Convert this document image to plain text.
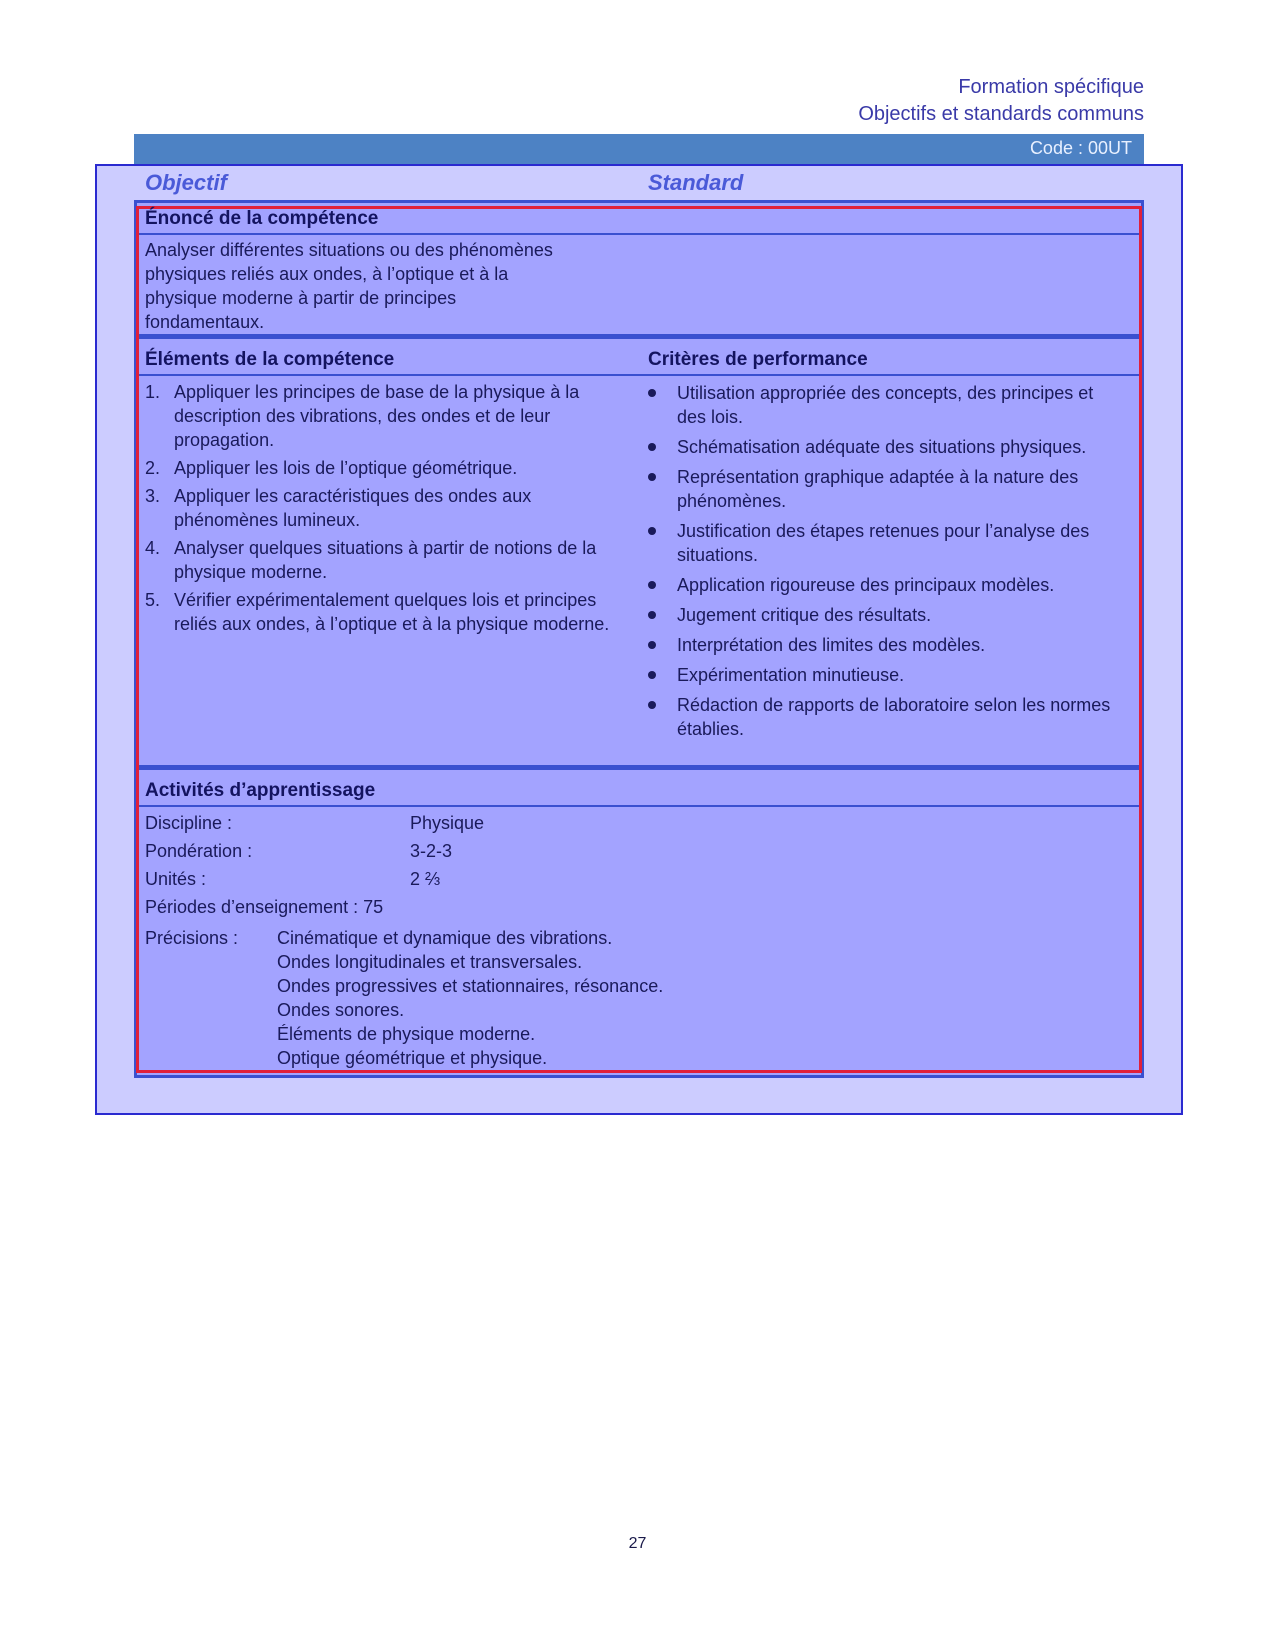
Formation spécifique
Objectifs et standards communs
Code : 00UT
Objectif	Standard
Énoncé de la compétence
Analyser différentes situations ou des phénomènes
physiques reliés aux ondes, à l’optique et à la
physique moderne à partir de principes
fondamentaux.
Éléments de la compétence	Critères de performance
1. Appliquer les principes de base de la physique à la description des vibrations, des ondes et de leur propagation.
2. Appliquer les lois de l’optique géométrique.
3. Appliquer les caractéristiques des ondes aux phénomènes lumineux.
4. Analyser quelques situations à partir de notions de la physique moderne.
5. Vérifier expérimentalement quelques lois et principes reliés aux ondes, à l’optique et à la physique moderne.
Utilisation appropriée des concepts, des principes et des lois.
Schématisation adéquate des situations physiques.
Représentation graphique adaptée à la nature des phénomènes.
Justification des étapes retenues pour l’analyse des situations.
Application rigoureuse des principaux modèles.
Jugement critique des résultats.
Interprétation des limites des modèles.
Expérimentation minutieuse.
Rédaction de rapports de laboratoire selon les normes établies.
Activités d’apprentissage
Discipline :	Physique
Pondération :	3-2-3
Unités :	2 ⅔
Périodes d’enseignement : 75
Précisions : Cinématique et dynamique des vibrations.
Ondes longitudinales et transversales.
Ondes progressives et stationnaires, résonance.
Ondes sonores.
Éléments de physique moderne.
Optique géométrique et physique.
27
